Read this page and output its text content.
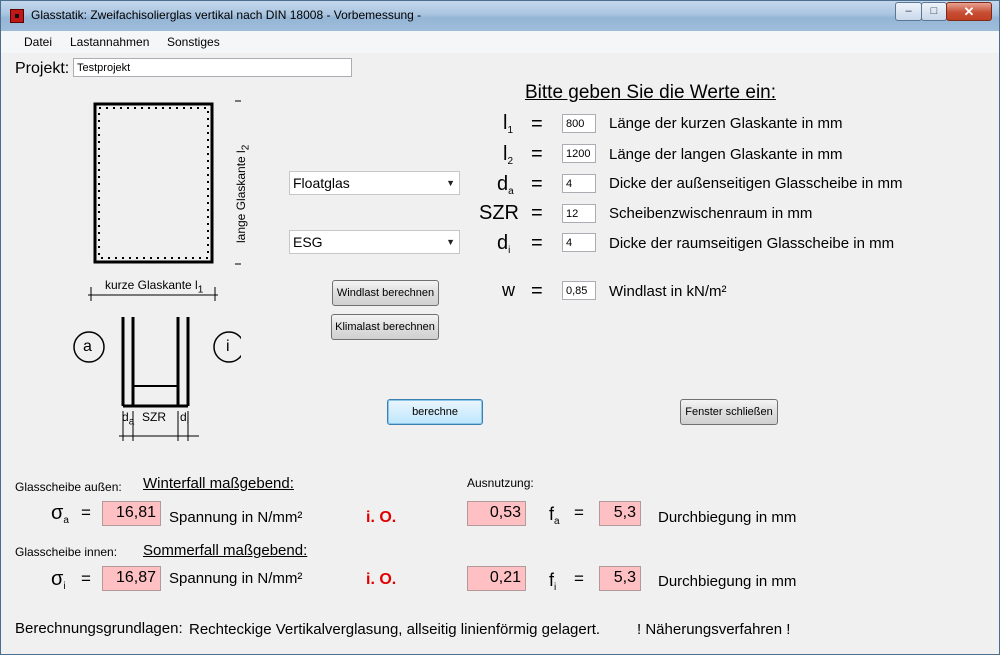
Glasstatik: Zweifachisolierglas vertikal nach DIN 18008 - Vorbemessung -	–	□	✕
Datei Lastannahmen Sonstiges
Projekt:
Testprojekt
lange Glaskante $l_2$
kurze Glaskante $l_1$
a	i
$d_a$ SZR $d_i$
Floatglas	▼
ESG	▼
Windlast berechnen
Klimalast berechnen
berechne	Fenster schließen
Bitte geben Sie die Werte ein:
$l_1$ =
800	Länge der kurzen Glaskante in mm
$l_2$ =
1200	Länge der langen Glaskante in mm
$d_a$ =
4	Dicke der außenseitigen Glasscheibe in mm
SZR =
12	Scheibenzwischenraum in mm
$d_i$ =
4	Dicke der raumseitigen Glasscheibe in mm
w =
0,85	Windlast in kN/m²
Ausnutzung:
Glasscheibe außen: Winterfall maßgebend:
$\sigma_a$ =	16,81 Spannung in N/mm²	i. O.	0,53 $f_a$ =	5,3	Durchbiegung in mm
Glasscheibe innen: Sommerfall maßgebend:
$\sigma_i$ =	16,87 Spannung in N/mm²	i. O.	0,21 $f_i$ =	5,3	Durchbiegung in mm
Berechnungsgrundlagen: Rechteckige Vertikalverglasung, allseitig linienförmig gelagert. ! Näherungsverfahren !
